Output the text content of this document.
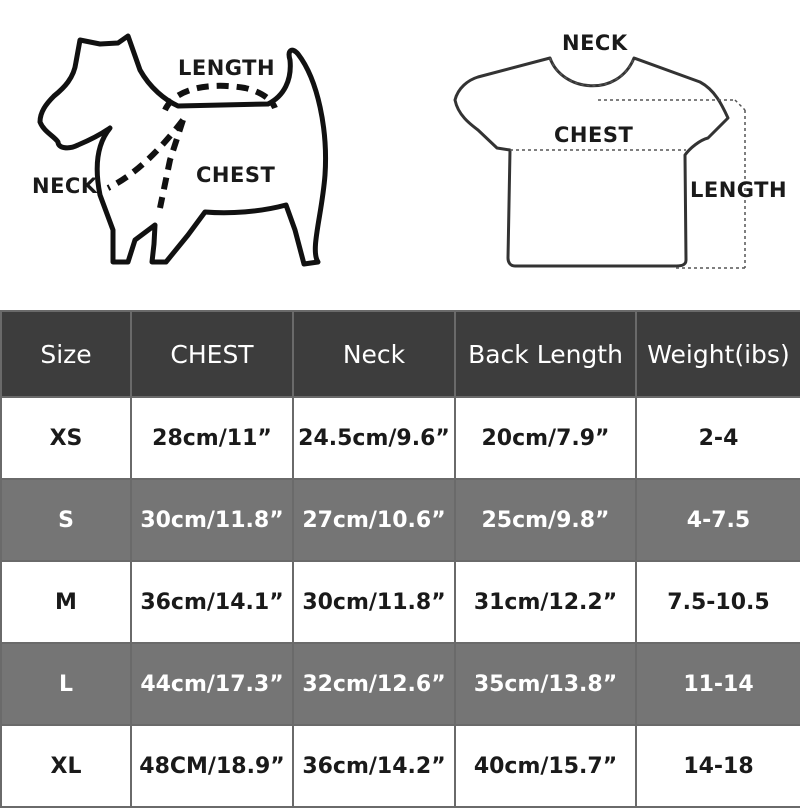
LENGTH
NECK	CHEST
NECK
CHEST
LENGTH
Size	CHEST	Neck	Back Length	Weight(ibs)
XS	28cm/11”	24.5cm/9.6”	20cm/7.9”	2-4
S	30cm/11.8”	27cm/10.6”	25cm/9.8”	4-7.5
M	36cm/14.1”	30cm/11.8”	31cm/12.2”	7.5-10.5
L	44cm/17.3”	32cm/12.6”	35cm/13.8”	11-14
XL	48CM/18.9”	36cm/14.2”	40cm/15.7”	14-18
